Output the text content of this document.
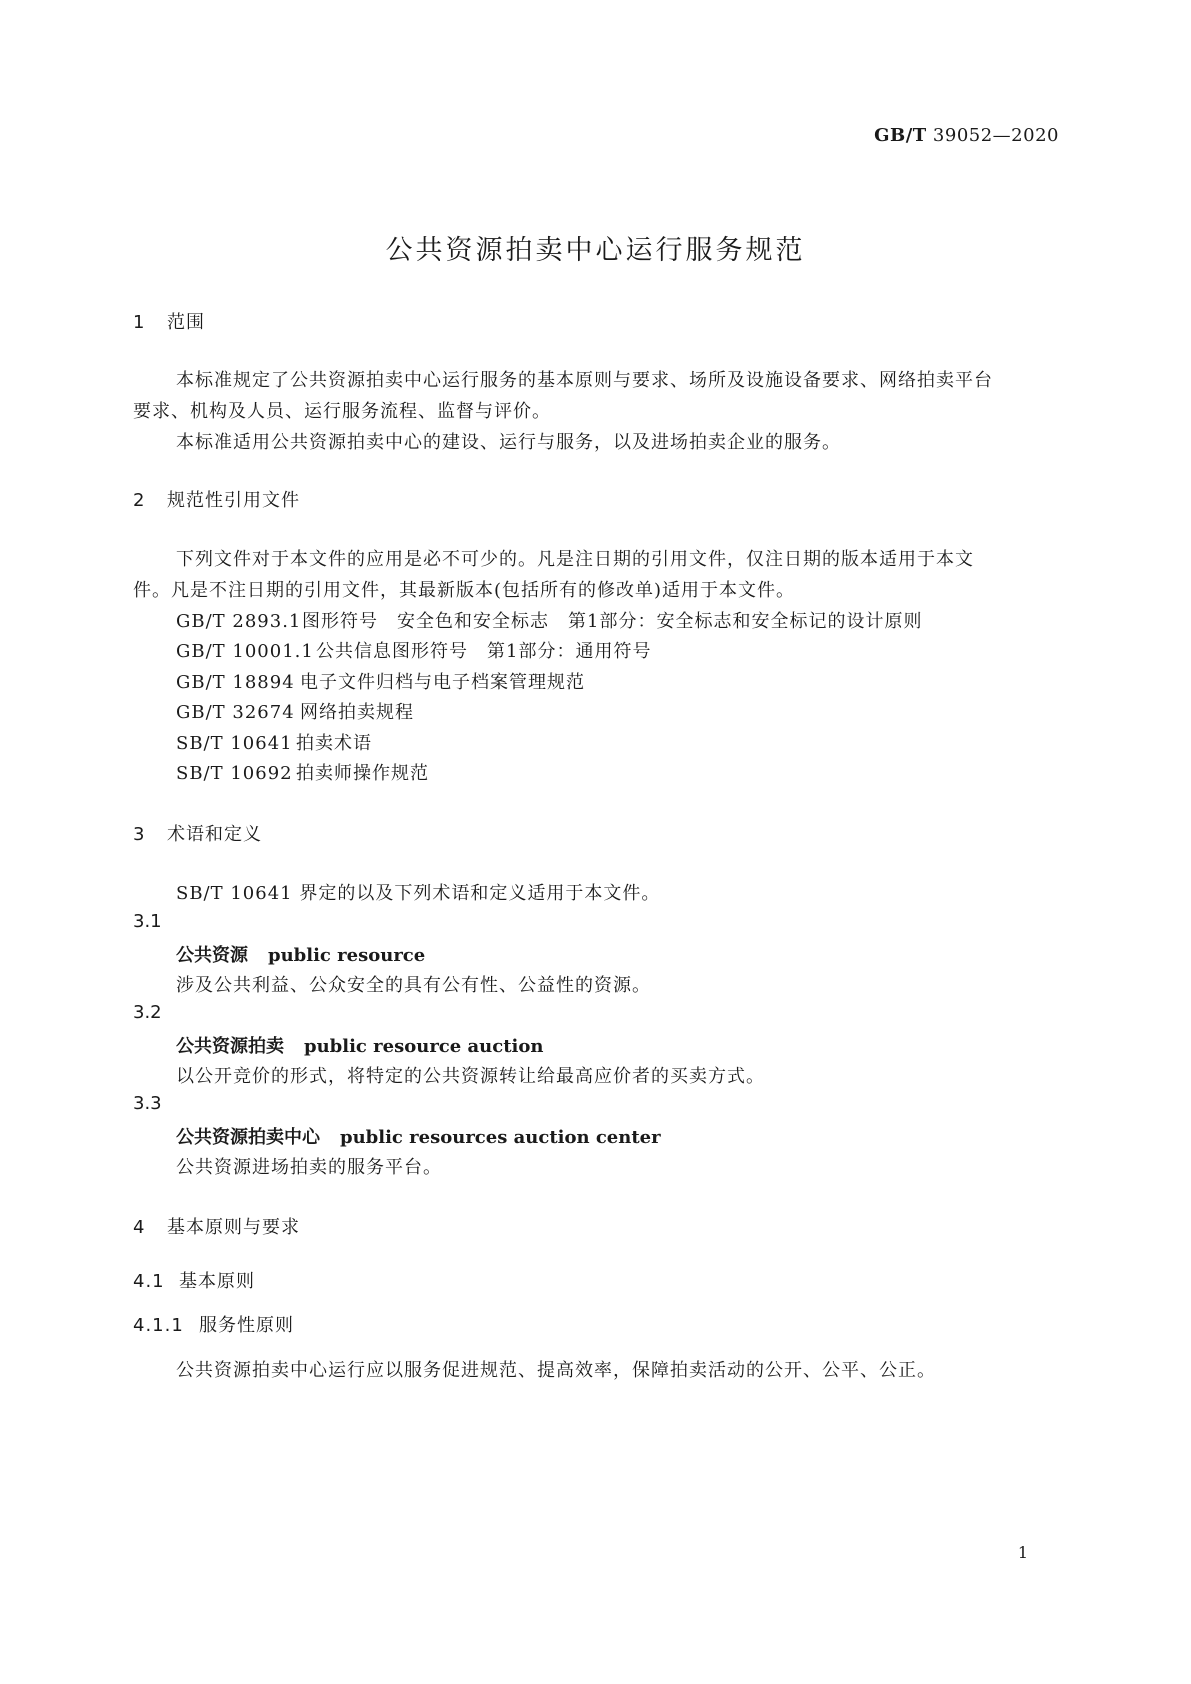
GB/T 39052—2020
公共资源拍卖中心运行服务规范
1 范围

本标准规定了公共资源拍卖中心运行服务的基本原则与要求、场所及设施设备要求、网络拍卖平台

要求、机构及人员、运行服务流程、监督与评价。

本标准适用公共资源拍卖中心的建设、运行与服务，以及进场拍卖企业的服务。

2 规范性引用文件

下列文件对于本文件的应用是必不可少的。凡是注日期的引用文件，仅注日期的版本适用于本文

件。凡是不注日期的引用文件，其最新版本(包括所有的修改单)适用于本文件。

GB/T 2893.1图形符号　安全色和安全标志　第1部分：安全标志和安全标记的设计原则
GB/T 10001.1 公共信息图形符号　第1部分：通用符号
GB/T 18894 电子文件归档与电子档案管理规范
GB/T 32674 网络拍卖规程
SB/T 10641 拍卖术语
SB/T 10692 拍卖师操作规范
3 术语和定义

SB/T 10641 界定的以及下列术语和定义适用于本文件。

3.1
公共资源 public resource

涉及公共利益、公众安全的具有公有性、公益性的资源。

3.2
公共资源拍卖 public resource auction

以公开竞价的形式，将特定的公共资源转让给最高应价者的买卖方式。

3.3
公共资源拍卖中心 public resources auction center

公共资源进场拍卖的服务平台。

4 基本原则与要求
4.1 基本原则
4.1.1 服务性原则

公共资源拍卖中心运行应以服务促进规范、提高效率，保障拍卖活动的公开、公平、公正。

1
